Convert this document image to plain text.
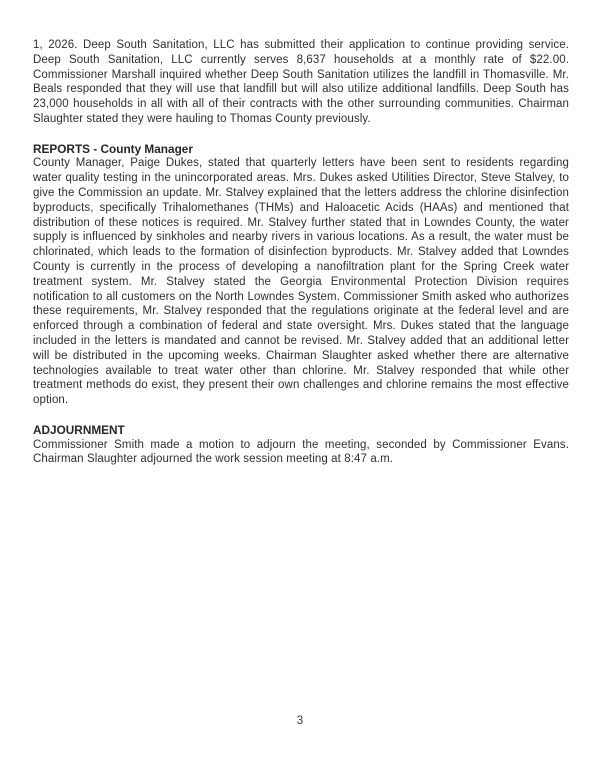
1, 2026. Deep South Sanitation, LLC has submitted their application to continue providing service. Deep South Sanitation, LLC currently serves 8,637 households at a monthly rate of $22.00. Commissioner Marshall inquired whether Deep South Sanitation utilizes the landfill in Thomasville. Mr. Beals responded that they will use that landfill but will also utilize additional landfills. Deep South has 23,000 households in all with all of their contracts with the other surrounding communities. Chairman Slaughter stated they were hauling to Thomas County previously.

REPORTS - County Manager

County Manager, Paige Dukes, stated that quarterly letters have been sent to residents regarding water quality testing in the unincorporated areas. Mrs. Dukes asked Utilities Director, Steve Stalvey, to give the Commission an update. Mr. Stalvey explained that the letters address the chlorine disinfection byproducts, specifically Trihalomethanes (THMs) and Haloacetic Acids (HAAs) and mentioned that distribution of these notices is required. Mr. Stalvey further stated that in Lowndes County, the water supply is influenced by sinkholes and nearby rivers in various locations. As a result, the water must be chlorinated, which leads to the formation of disinfection byproducts. Mr. Stalvey added that Lowndes County is currently in the process of developing a nanofiltration plant for the Spring Creek water treatment system. Mr. Stalvey stated the Georgia Environmental Protection Division requires notification to all customers on the North Lowndes System. Commissioner Smith asked who authorizes these requirements, Mr. Stalvey responded that the regulations originate at the federal level and are enforced through a combination of federal and state oversight. Mrs. Dukes stated that the language included in the letters is mandated and cannot be revised. Mr. Stalvey added that an additional letter will be distributed in the upcoming weeks. Chairman Slaughter asked whether there are alternative technologies available to treat water other than chlorine. Mr. Stalvey responded that while other treatment methods do exist, they present their own challenges and chlorine remains the most effective option.

ADJOURNMENT

Commissioner Smith made a motion to adjourn the meeting, seconded by Commissioner Evans. Chairman Slaughter adjourned the work session meeting at 8:47 a.m.

3
